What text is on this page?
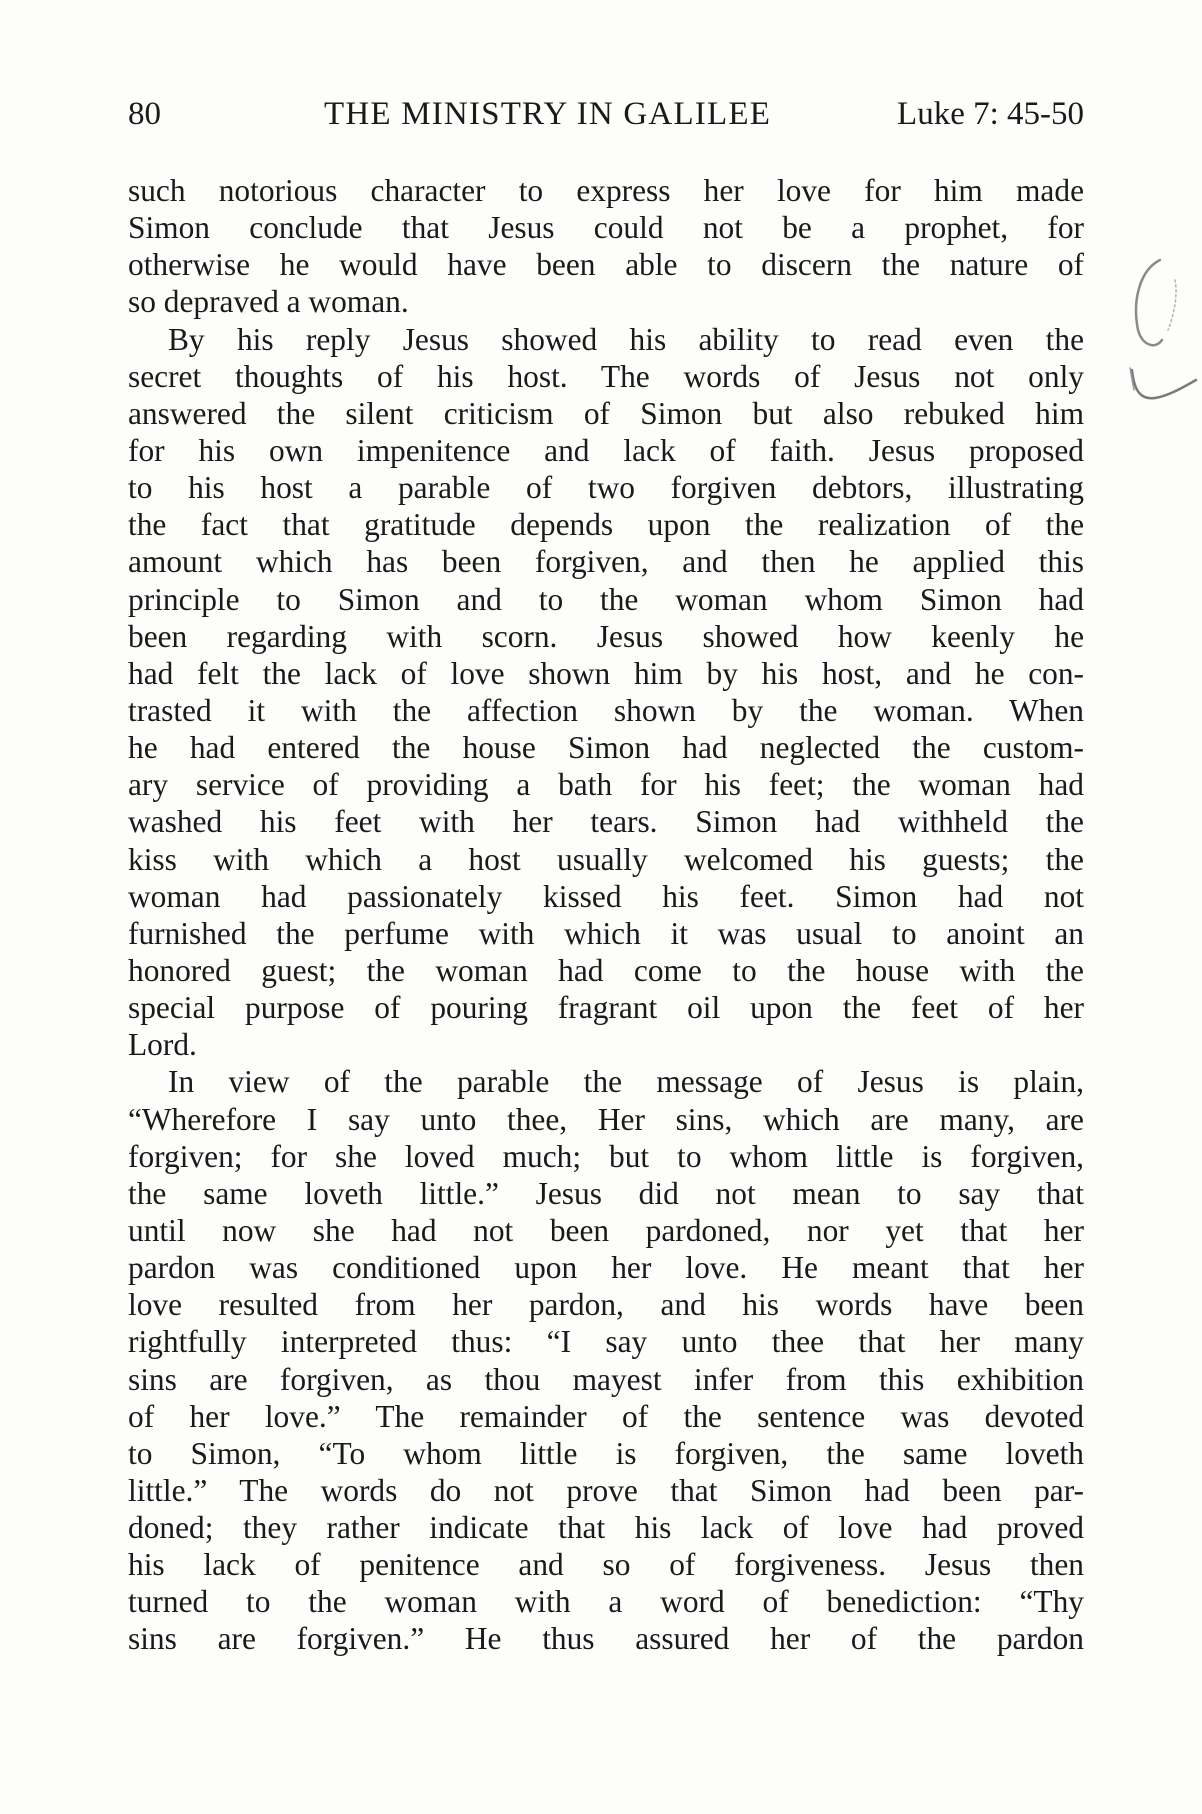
80	THE MINISTRY IN GALILEE	Luke 7: 45-50
such notorious character to express her love for him made
Simon conclude that Jesus could not be a prophet, for
otherwise he would have been able to discern the nature of
so depraved a woman.
By his reply Jesus showed his ability to read even the
secret thoughts of his host. The words of Jesus not only
answered the silent criticism of Simon but also rebuked him
for his own impenitence and lack of faith. Jesus proposed
to his host a parable of two forgiven debtors, illustrating
the fact that gratitude depends upon the realization of the
amount which has been forgiven, and then he applied this
principle to Simon and to the woman whom Simon had
been regarding with scorn. Jesus showed how keenly he
had felt the lack of love shown him by his host, and he con-
trasted it with the affection shown by the woman. When
he had entered the house Simon had neglected the custom-
ary service of providing a bath for his feet; the woman had
washed his feet with her tears. Simon had withheld the
kiss with which a host usually welcomed his guests; the
woman had passionately kissed his feet. Simon had not
furnished the perfume with which it was usual to anoint an
honored guest; the woman had come to the house with the
special purpose of pouring fragrant oil upon the feet of her
Lord.
In view of the parable the message of Jesus is plain,
“Wherefore I say unto thee, Her sins, which are many, are
forgiven; for she loved much; but to whom little is forgiven,
the same loveth little.” Jesus did not mean to say that
until now she had not been pardoned, nor yet that her
pardon was conditioned upon her love. He meant that her
love resulted from her pardon, and his words have been
rightfully interpreted thus: “I say unto thee that her many
sins are forgiven, as thou mayest infer from this exhibition
of her love.” The remainder of the sentence was devoted
to Simon, “To whom little is forgiven, the same loveth
little.” The words do not prove that Simon had been par-
doned; they rather indicate that his lack of love had proved
his lack of penitence and so of forgiveness. Jesus then
turned to the woman with a word of benediction: “Thy
sins are forgiven.” He thus assured her of the pardon
